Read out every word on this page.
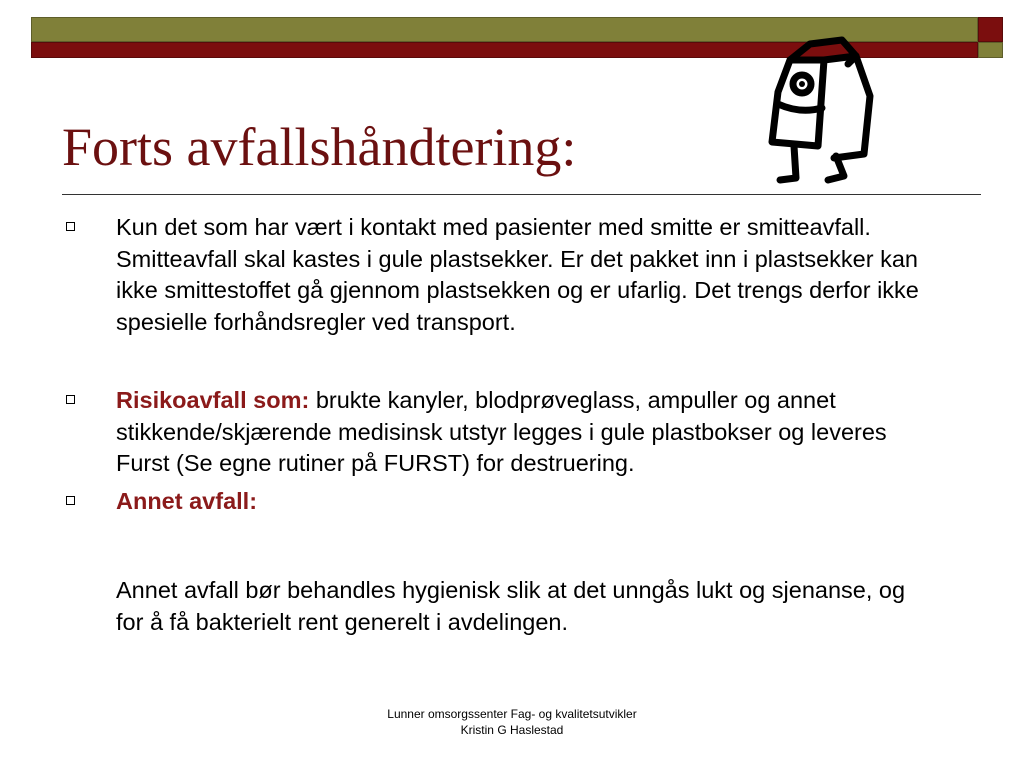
Forts avfallshåndtering:
Kun det som har vært i kontakt med pasienter med smitte er smitteavfall. Smitteavfall skal kastes i gule plastsekker. Er det pakket inn i plastsekker kan ikke smittestoffet gå gjennom plastsekken og er ufarlig. Det trengs derfor ikke spesielle forhåndsregler ved transport.
Risikoavfall som: brukte kanyler, blodprøveglass, ampuller og annet stikkende/skjærende medisinsk utstyr legges i gule plastbokser og leveres Furst (Se egne rutiner på FURST) for destruering.
Annet avfall:
Annet avfall bør behandles hygienisk slik at det unngås lukt og sjenanse, og for å få bakterielt rent generelt i avdelingen.
Lunner omsorgssenter Fag- og kvalitetsutvikler
Kristin G Haslestad
